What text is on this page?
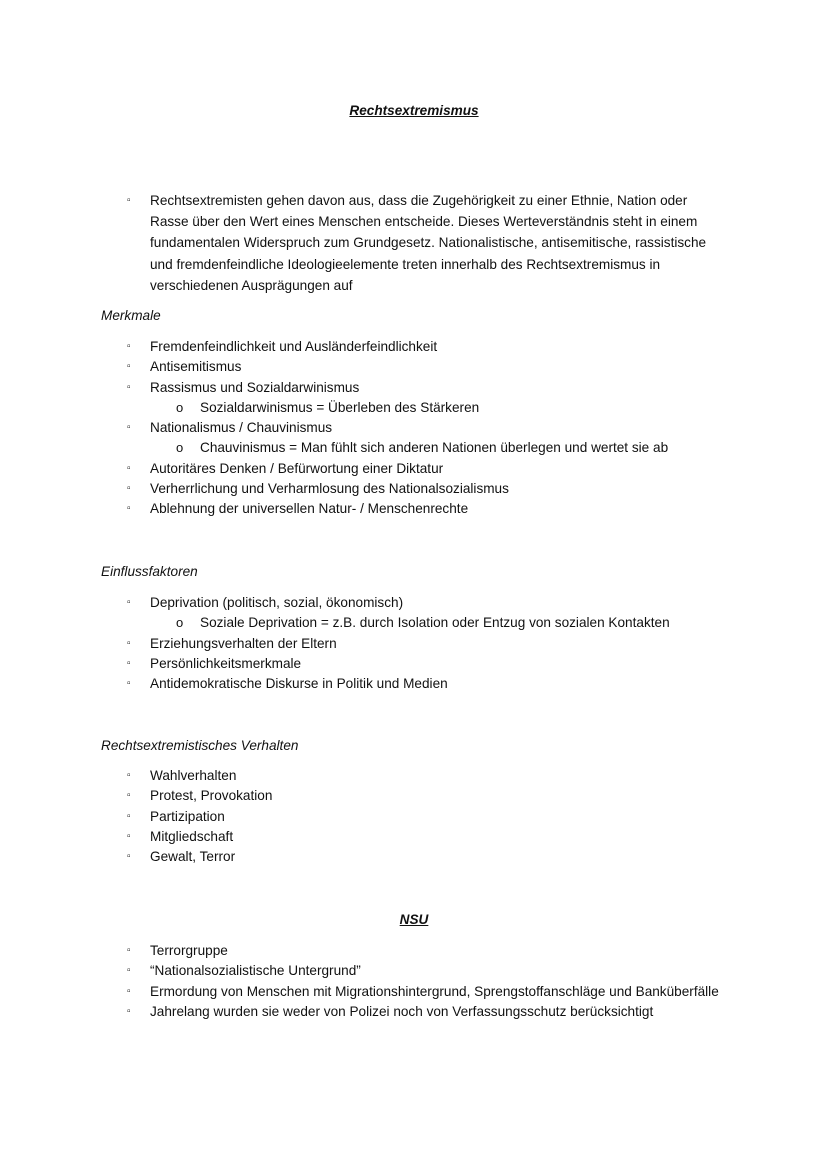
Rechtsextremismus
▫ Rechtsextremisten gehen davon aus, dass die Zugehörigkeit zu einer Ethnie, Nation oder Rasse über den Wert eines Menschen entscheide. Dieses Werteverständnis steht in einem fundamentalen Widerspruch zum Grundgesetz. Nationalistische, antisemitische, rassistische und fremdenfeindliche Ideologieelemente treten innerhalb des Rechtsextremismus in verschiedenen Ausprägungen auf
Merkmale
▫ Fremdenfeindlichkeit und Ausländerfeindlichkeit
▫ Antisemitismus
▫ Rassismus und Sozialdarwinismus
o Sozialdarwinismus = Überleben des Stärkeren
▫ Nationalismus / Chauvinismus
o Chauvinismus = Man fühlt sich anderen Nationen überlegen und wertet sie ab
▫ Autoritäres Denken / Befürwortung einer Diktatur
▫ Verherrlichung und Verharmlosung des Nationalsozialismus
▫ Ablehnung der universellen Natur- / Menschenrechte
Einflussfaktoren
▫ Deprivation (politisch, sozial, ökonomisch)
o Soziale Deprivation = z.B. durch Isolation oder Entzug von sozialen Kontakten
▫ Erziehungsverhalten der Eltern
▫ Persönlichkeitsmerkmale
▫ Antidemokratische Diskurse in Politik und Medien
Rechtsextremistisches Verhalten
▫ Wahlverhalten
▫ Protest, Provokation
▫ Partizipation
▫ Mitgliedschaft
▫ Gewalt, Terror
NSU
▫ Terrorgruppe
▫ “Nationalsozialistische Untergrund”
▫ Ermordung von Menschen mit Migrationshintergrund, Sprengstoffanschläge und Banküberfälle
▫ Jahrelang wurden sie weder von Polizei noch von Verfassungsschutz berücksichtigt
